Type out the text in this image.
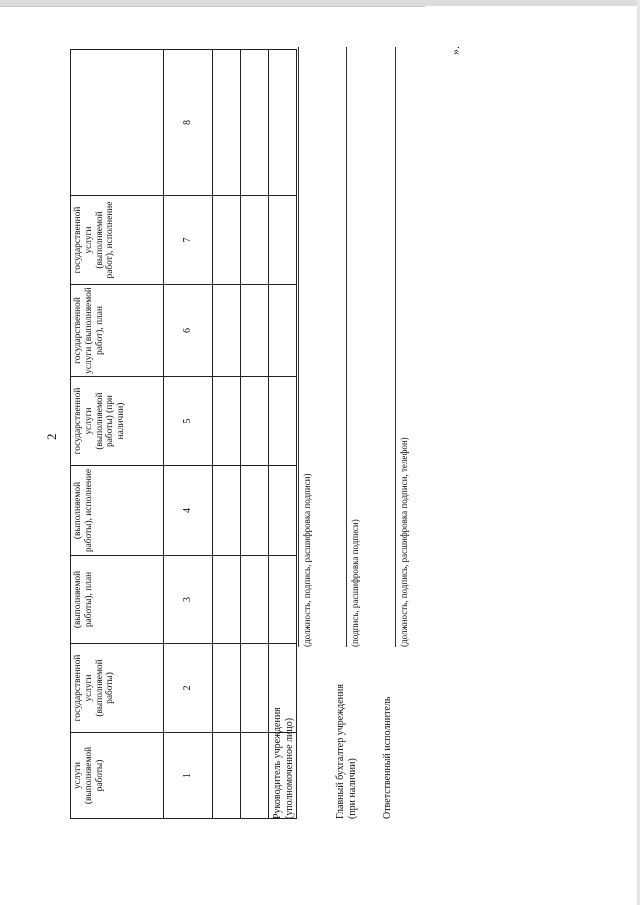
2
услуги (выполняемой работы)	государственной услуги (выполняемой работы)	(выполняемой работы), план	(выполняемой работы), исполнение	государственной услуги (выполняемой работы) (при наличии)	государственной услуги (выполняемой работ), план	государственной услуги (выполняемой работ), исполнение	
1	2	3	4	5	6	7	8

Руководитель учреждения (уполномоченное лицо)
(должность, подпись, расшифровка подписи)
Главный бухгалтер учреждения (при наличии)
(подпись, расшифровка подписи)
Ответственный исполнитель
(должность, подпись, расшифровка подписи, телефон)
».
